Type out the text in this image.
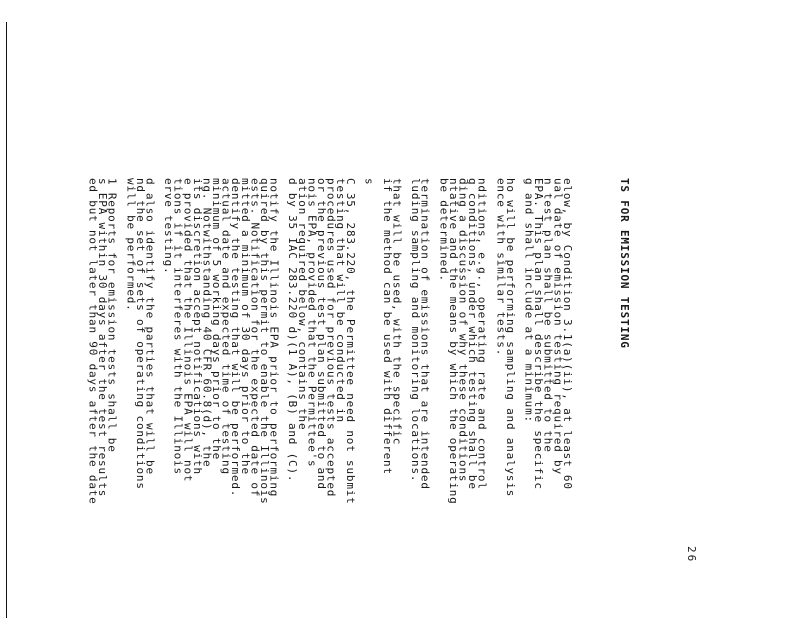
TS FOR EMISSION TESTING

elow, by Condition 3.1(a)(ii), at least 60
ual date of emission testing required by
n test plan shall be submitted to the
EPA. This plan shall describe the specific
g and shall include at a minimum:
ho will be performing sampling and analysis
ence with similar tests.
nditions, e.g., operating rate and control
g conditions, under which testing shall be
ding a discussion of why these conditions
ntative and the means by which the operating
be determined.
termination of emissions that are intended
luding sampling and monitoring locations.
that will be used, with the specific
if the method can be used with different
s
C 35, 283.220, the Permittee need not submit
testing that will be conducted in
procedures used for previous tests accepted
or the previous test plan submitted to and
nois EPA, provided that the Permittee's
ation required below, contains the
d by 35 IAC 283.220 d)(1 A), (B) and (C).
notify the Illinois EPA prior to performing
quired by this permit to enable the Illinois
ests. Notification for the expected date of
mitted a minimum of 30 days prior to the
dentify the testing that will be performed.
actual date and expected time of testing
minimum of 5 working days prior to the
ng. Notwithstanding 40 CFR 60.8(d), the
its discretion accept notifications with
e provided that the Illinois EPA will not
tions if it interferes with the Illinois
erve testing.
d also identify the parties that will be
nd the set of sets of operating conditions
will be performed.
1 Reports for emission tests shall be
s EPA within 30 days after the test results
ed but not later than 90 days after the date

26
